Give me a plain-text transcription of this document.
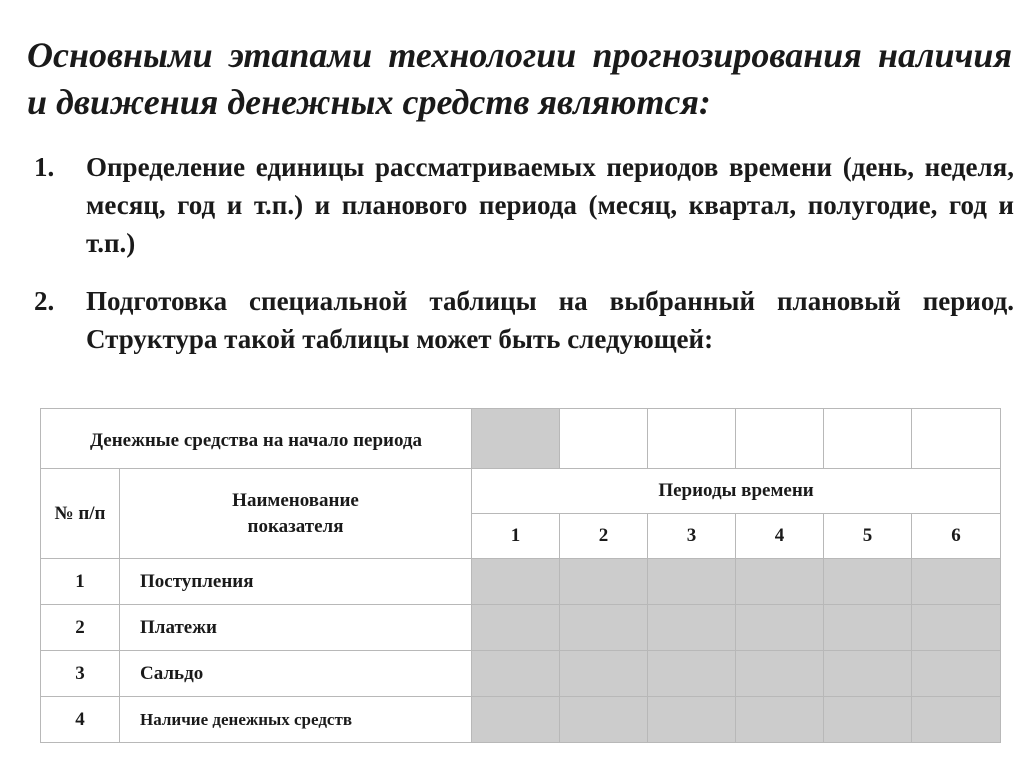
Основными этапами технологии прогнозирования наличия и движения денежных средств являются:
1. Определение единицы рассматриваемых периодов времени (день, неделя, месяц, год и т.п.) и планового периода (месяц, квартал, полугодие, год и т.п.)
2. Подготовка специальной таблицы на выбранный плановый период. Структура такой таблицы может быть следующей:
Денежные средства на начало периода							

№ п/п	Наименование показателя	Периоды времени					
		1	2	3	4	5	6
1	Поступления						
2	Платежи						
3	Сальдо						
4	Наличие денежных средств						
